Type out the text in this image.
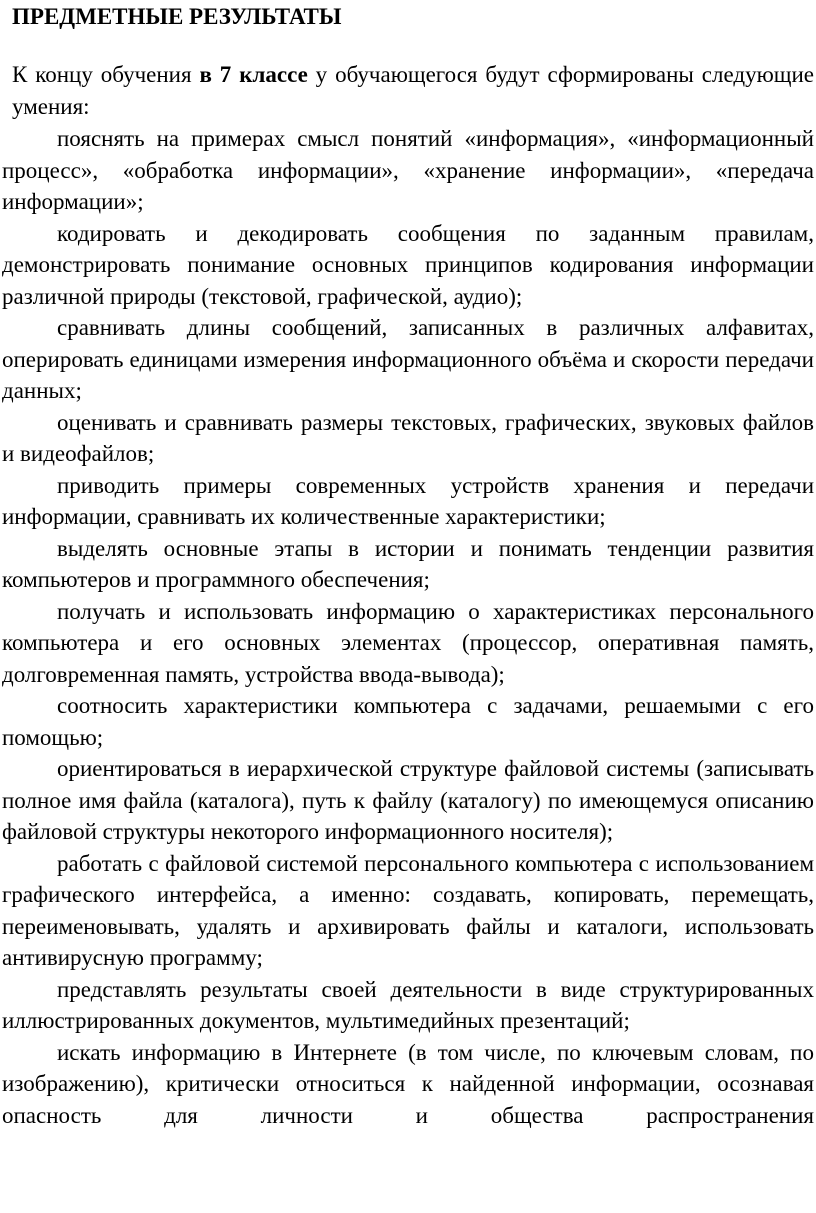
ПРЕДМЕТНЫЕ РЕЗУЛЬТАТЫ

К концу обучения в 7 классе у обучающегося будут сформированы следующие умения:

пояснять на примерах смысл понятий «информация», «информационный процесс», «обработка информации», «хранение информации», «передача информации»;

кодировать и декодировать сообщения по заданным правилам, демонстрировать понимание основных принципов кодирования информации различной природы (текстовой, графической, аудио);

сравнивать длины сообщений, записанных в различных алфавитах, оперировать единицами измерения информационного объёма и скорости передачи данных;

оценивать и сравнивать размеры текстовых, графических, звуковых файлов и видеофайлов;

приводить примеры современных устройств хранения и передачи информации, сравнивать их количественные характеристики;

выделять основные этапы в истории и понимать тенденции развития компьютеров и программного обеспечения;

получать и использовать информацию о характеристиках персонального компьютера и его основных элементах (процессор, оперативная память, долговременная память, устройства ввода-вывода);

соотносить характеристики компьютера с задачами, решаемыми с его помощью;

ориентироваться в иерархической структуре файловой системы (записывать полное имя файла (каталога), путь к файлу (каталогу) по имеющемуся описанию файловой структуры некоторого информационного носителя);

работать с файловой системой персонального компьютера с использованием графического интерфейса, а именно: создавать, копировать, перемещать, переименовывать, удалять и архивировать файлы и каталоги, использовать антивирусную программу;

представлять результаты своей деятельности в виде структурированных иллюстрированных документов, мультимедийных презентаций;

искать информацию в Интернете (в том числе, по ключевым словам, по изображению), критически относиться к найденной информации, осознавая опасность для личности и общества распространения
